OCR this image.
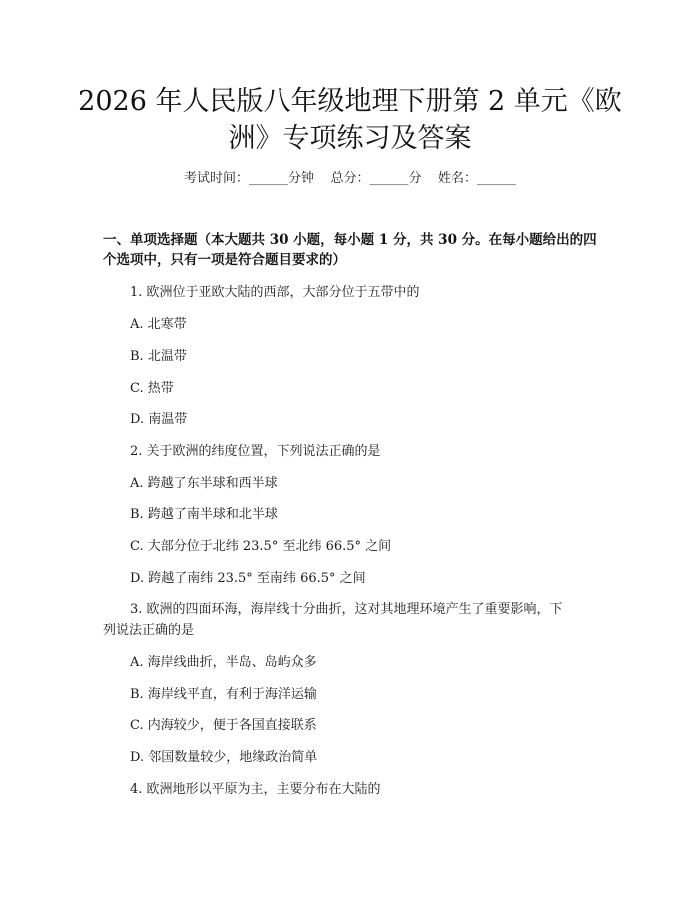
2026 年人民版八年级地理下册第 2 单元《欧
洲》专项练习及答案
考试时间：______分钟    总分：______分    姓名：______
一、单项选择题（本大题共 30 小题，每小题 1 分，共 30 分。在每小题给出的四个选项中，只有一项是符合题目要求的）
1. 欧洲位于亚欧大陆的西部，大部分位于五带中的
A. 北寒带
B. 北温带
C. 热带
D. 南温带
2. 关于欧洲的纬度位置，下列说法正确的是
A. 跨越了东半球和西半球
B. 跨越了南半球和北半球
C. 大部分位于北纬 23.5° 至北纬 66.5° 之间
D. 跨越了南纬 23.5° 至南纬 66.5° 之间
3. 欧洲的四面环海，海岸线十分曲折，这对其地理环境产生了重要影响，下
列说法正确的是
A. 海岸线曲折，半岛、岛屿众多
B. 海岸线平直，有利于海洋运输
C. 内海较少，便于各国直接联系
D. 邻国数量较少，地缘政治简单
4. 欧洲地形以平原为主，主要分布在大陆的
